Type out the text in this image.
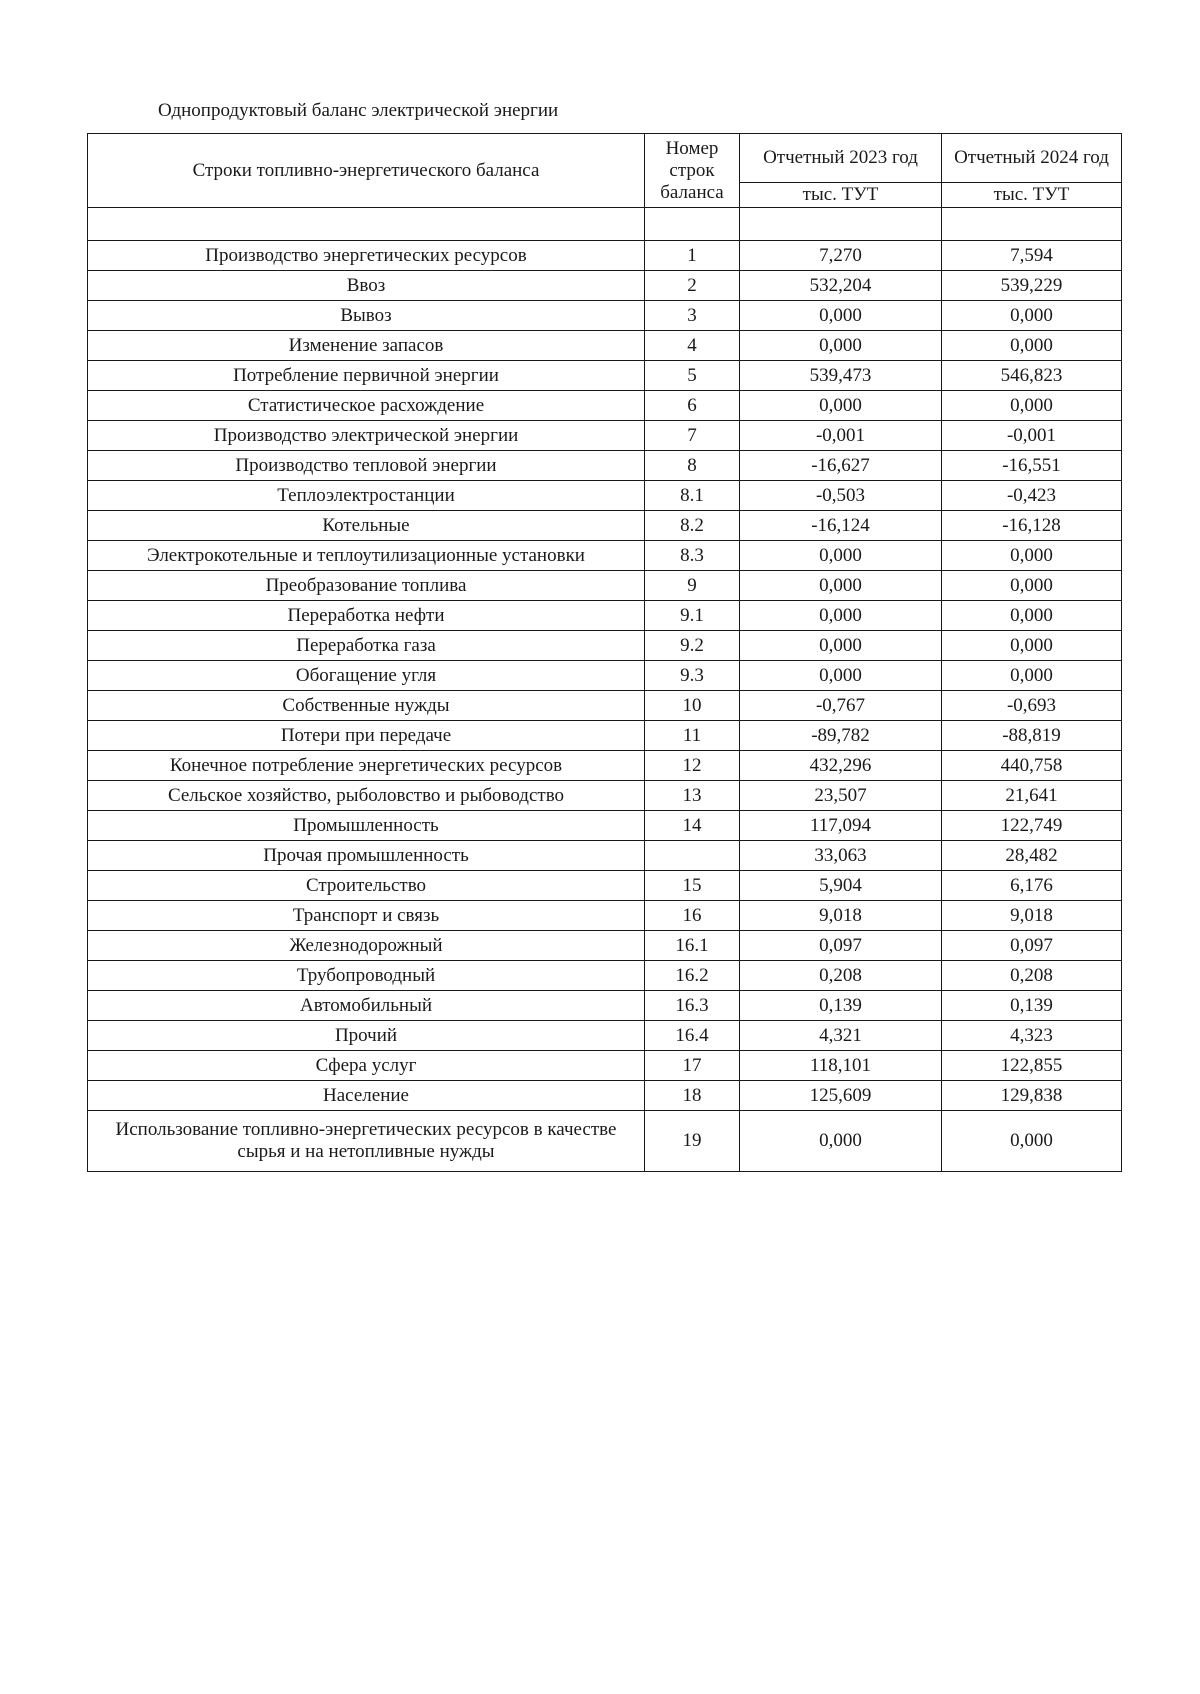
Однопродуктовый баланс электрической энергии
Строки топливно-энергетического баланса	Номер строк баланса	Отчетный 2023 год	Отчетный 2024 год
		тыс. ТУТ	тыс. ТУТ

Производство энергетических ресурсов	1	7,270	7,594
Ввоз	2	532,204	539,229
Вывоз	3	0,000	0,000
Изменение запасов	4	0,000	0,000
Потребление первичной энергии	5	539,473	546,823
Статистическое расхождение	6	0,000	0,000
Производство электрической энергии	7	-0,001	-0,001
Производство тепловой энергии	8	-16,627	-16,551
Теплоэлектростанции	8.1	-0,503	-0,423
Котельные	8.2	-16,124	-16,128
Электрокотельные и теплоутилизационные установки	8.3	0,000	0,000
Преобразование топлива	9	0,000	0,000
Переработка нефти	9.1	0,000	0,000
Переработка газа	9.2	0,000	0,000
Обогащение угля	9.3	0,000	0,000
Собственные нужды	10	-0,767	-0,693
Потери при передаче	11	-89,782	-88,819
Конечное потребление энергетических ресурсов	12	432,296	440,758
Сельское хозяйство, рыболовство и рыбоводство	13	23,507	21,641
Промышленность	14	117,094	122,749
Прочая промышленность		33,063	28,482
Строительство	15	5,904	6,176
Транспорт и связь	16	9,018	9,018
Железнодорожный	16.1	0,097	0,097
Трубопроводный	16.2	0,208	0,208
Автомобильный	16.3	0,139	0,139
Прочий	16.4	4,321	4,323
Сфера услуг	17	118,101	122,855
Население	18	125,609	129,838
Использование топливно-энергетических ресурсов в качестве сырья и на нетопливные нужды	19	0,000	0,000
